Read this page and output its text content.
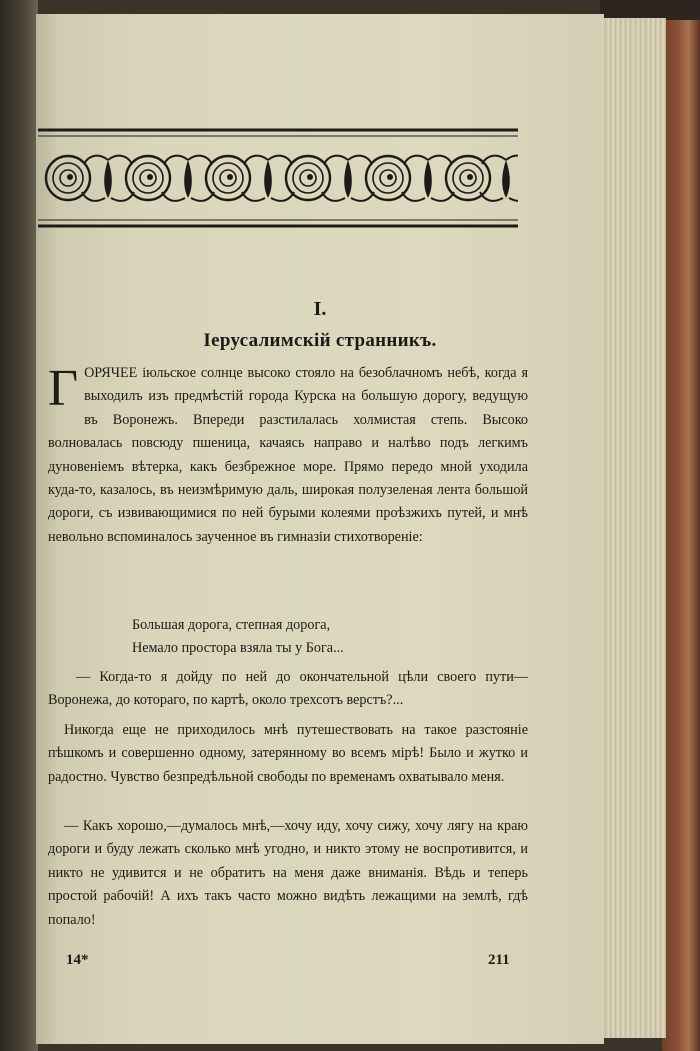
I.
Іерусалимскій странникъ.
Г ОРЯЧЕЕ іюльское солнце высоко стояло на безоблачномъ небѣ, когда я выходилъ изъ предмѣстій города Курска на большую дорогу, ведущую въ Воронежъ. Впереди разстилалась холмистая степь. Высоко волновалась повсюду пшеница, качаясь направо и налѣво подъ легкимъ дуновеніемъ вѣтерка, какъ безбрежное море. Прямо передо мной уходила куда-то, казалось, въ неизмѣримую даль, широкая полузеленая лента большой дороги, съ извивающимися по ней бурыми колеями проѣзжихъ путей, и мнѣ невольно вспоминалось заученное въ гимназіи стихотвореніе:
Большая дорога, степная дорога,
Немало простора взяла ты у Бога...
— Когда-то я дойду по ней до окончательной цѣли своего пути—Воронежа, до котораго, по картѣ, около трехсотъ верстъ?...
Никогда еще не приходилось мнѣ путешествовать на такое разстояніе пѣшкомъ и совершенно одному, затерянному во всемъ мірѣ! Было и жутко и радостно. Чувство безпредѣльной свободы по временамъ охватывало меня.
— Какъ хорошо,—думалось мнѣ,—хочу иду, хочу сижу, хочу лягу на краю дороги и буду лежать сколько мнѣ угодно, и никто этому не воспротивится, и никто не удивится и не обратитъ на меня даже вниманія. Вѣдь и теперь простой рабочій! А ихъ такъ часто можно видѣть лежащими на землѣ, гдѣ попало!
14*	211
